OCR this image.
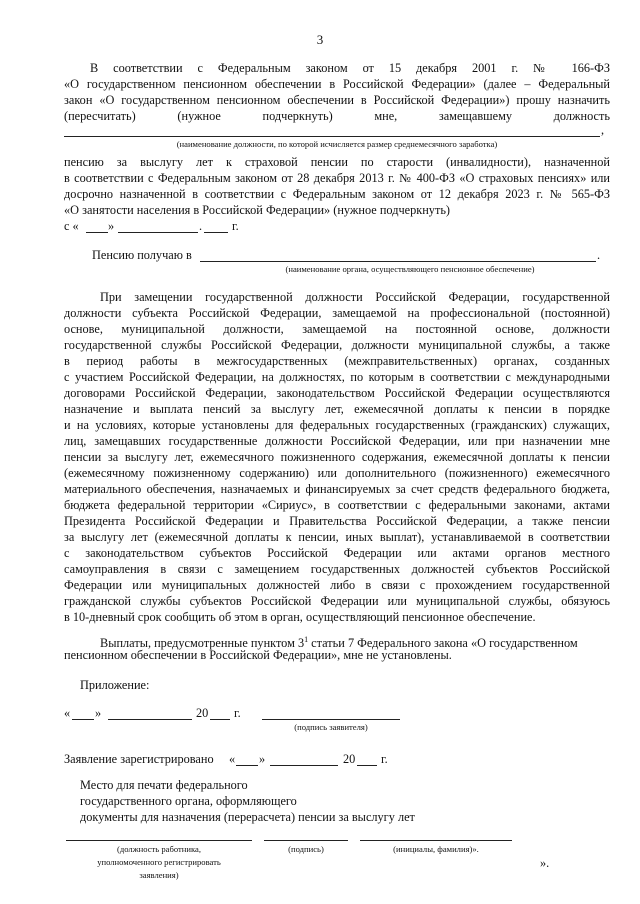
3
В соответствии с Федеральным законом от 15 декабря 2001 г. № 166-ФЗ
«О государственном пенсионном обеспечении в Российской Федерации» (далее – Федеральный
закон «О государственном пенсионном обеспечении в Российской Федерации») прошу назначить
(пересчитать) (нужное подчеркнуть) мне, замещавшему должность
,
(наименование должности, по которой исчисляется размер среднемесячного заработка)
пенсию за выслугу лет к страховой пенсии по старости (инвалидности), назначенной
в соответствии с Федеральным законом от 28 декабря 2013 г. № 400-ФЗ «О страховых пенсиях» или
досрочно назначенной в соответствии с Федеральным законом от 12 декабря 2023 г. № 565-ФЗ
«О занятости населения в Российской Федерации» (нужное подчеркнуть)
с « »	. г.
Пенсию получаю в	.
(наименование органа, осуществляющего пенсионное обеспечение)
При замещении государственной должности Российской Федерации, государственной
должности субъекта Российской Федерации, замещаемой на профессиональной (постоянной)
основе, муниципальной должности, замещаемой на постоянной основе, должности
государственной службы Российской Федерации, должности муниципальной службы, а также
в период работы в межгосударственных (межправительственных) органах, созданных
с участием Российской Федерации, на должностях, по которым в соответствии с международными
договорами Российской Федерации, законодательством Российской Федерации осуществляются
назначение и выплата пенсий за выслугу лет, ежемесячной доплаты к пенсии в порядке
и на условиях, которые установлены для федеральных государственных (гражданских) служащих,
лиц, замещавших государственные должности Российской Федерации, или при назначении мне
пенсии за выслугу лет, ежемесячного пожизненного содержания, ежемесячной доплаты к пенсии
(ежемесячному пожизненному содержанию) или дополнительного (пожизненного) ежемесячного
материального обеспечения, назначаемых и финансируемых за счет средств федерального бюджета,
бюджета федеральной территории «Сириус», в соответствии с федеральными законами, актами
Президента Российской Федерации и Правительства Российской Федерации, а также пенсии
за выслугу лет (ежемесячной доплаты к пенсии, иных выплат), устанавливаемой в соответствии
с законодательством субъектов Российской Федерации или актами органов местного
самоуправления в связи с замещением государственных должностей субъектов Российской
Федерации или муниципальных должностей либо в связи с прохождением государственной
гражданской службы субъектов Российской Федерации или муниципальной службы, обязуюсь
в 10-дневный срок сообщить об этом в орган, осуществляющий пенсионное обеспечение.
Выплаты, предусмотренные пунктом $3^1$ статьи 7 Федерального закона «О государственном
пенсионном обеспечении в Российской Федерации», мне не установлены.
Приложение:
« »	20 г.
(подпись заявителя)
Заявление зарегистрировано « »	20 г.
Место для печати федерального
государственного органа, оформляющего
документы для назначения (перерасчета) пенсии за выслугу лет
(должность работника,
уполномоченного регистрировать
заявления)
(подпись)	(инициалы, фамилия)».
».
